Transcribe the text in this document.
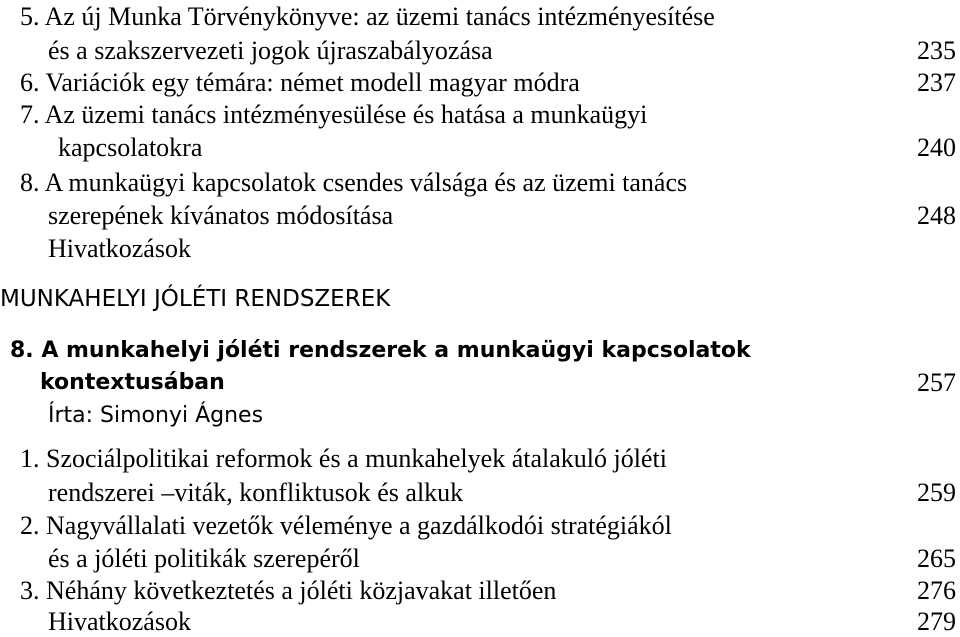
5. Az új Munka Törvénykönyve: az üzemi tanács intézményesítése
és a szakszervezeti jogok újraszabályozása	235
6. Variációk egy témára: német modell magyar módra	237
7. Az üzemi tanács intézményesülése és hatása a munkaügyi
kapcsolatokra	240
8. A munkaügyi kapcsolatok csendes válsága és az üzemi tanács
szerepének kívánatos módosítása	248
Hivatkozások
MUNKAHELYI JÓLÉTI RENDSZEREK
8. A munkahelyi jóléti rendszerek a munkaügyi kapcsolatok
kontextusában	257
Írta: Simonyi Ágnes
1. Szociálpolitikai reformok és a munkahelyek átalakuló jóléti
rendszerei –viták, konfliktusok és alkuk	259
2. Nagyvállalati vezetők véleménye a gazdálkodói stratégiákól
és a jóléti politikák szerepéről	265
3. Néhány következtetés a jóléti közjavakat illetően	276
Hivatkozások	279
